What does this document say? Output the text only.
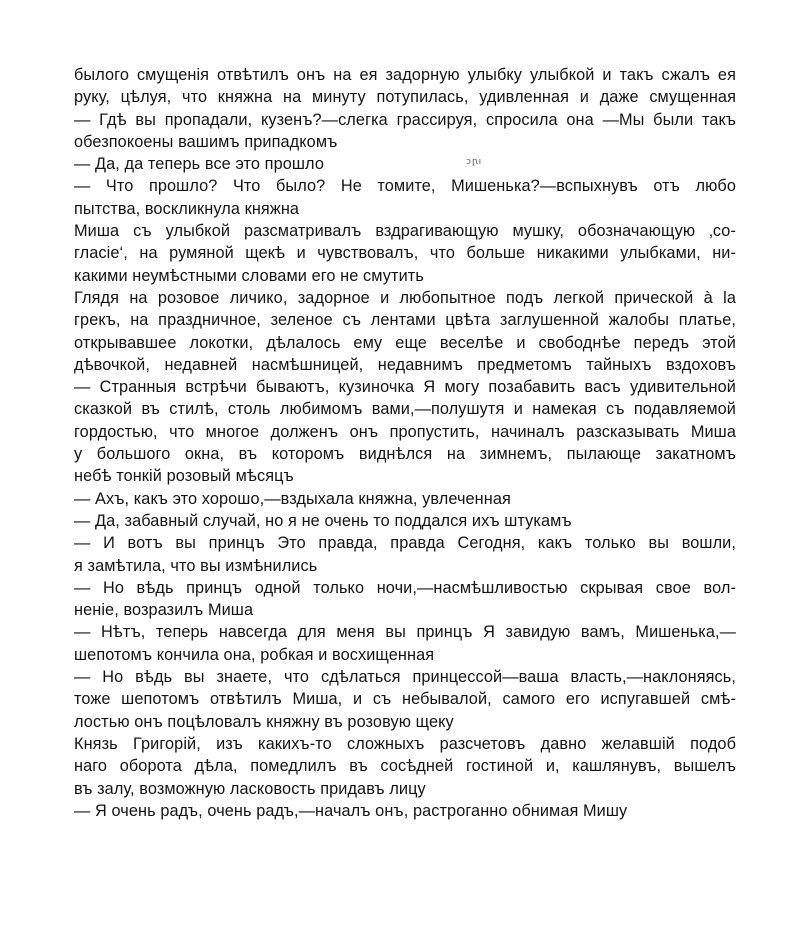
былого смущенія отвѣтилъ онъ на ея задорную улыбку улыбкой и такъ сжалъ ея
руку, цѣлуя, что княжна на минуту потупилась, удивленная и даже смущенная
— Гдѣ вы пропадали, кузенъ?—слегка грассируя, спросила она —Мы были такъ
обезпокоены вашимъ припадкомъ
— Да, да теперь все это прошло
— Что прошло? Что было? Не томите, Мишенька?—вспыхнувъ отъ любо
пытства, воскликнула княжна
Миша съ улыбкой разсматривалъ вздрагивающую мушку, обозначающую ‚со-
гласіе‘, на румяной щекѣ и чувствовалъ, что больше никакими улыбками, ни-
какими неумѣстными словами его не смутить
Глядя на розовое личико, задорное и любопытное подъ легкой прической à la
грекъ, на праздничное, зеленое съ лентами цвѣта заглушенной жалобы платье,
открывавшее локотки, дѣлалось ему еще веселѣе и свободнѣе передъ этой
дѣвочкой, недавней насмѣшницей, недавнимъ предметомъ тайныхъ вздоховъ
— Странныя встрѣчи бываютъ, кузиночка Я могу позабавить васъ удивительной
сказкой въ стилѣ, столь любимомъ вами,—полушутя и намекая съ подавляемой
гордостью, что многое долженъ онъ пропустить, начиналъ разсказывать Миша
у большого окна, въ которомъ виднѣлся на зимнемъ, пылающе закатномъ
небѣ тонкій розовый мѣсяцъ
— Ахъ, какъ это хорошо,—вздыхала княжна, увлеченная
— Да, забавный случай, но я не очень то поддался ихъ штукамъ
— И вотъ вы принцъ Это правда, правда Сегодня, какъ только вы вошли,
я замѣтила, что вы измѣнились
— Но вѣдь принцъ одной только ночи,—насмѣшливостью скрывая свое вол-
неніе, возразилъ Миша
— Нѣтъ, теперь навсегда для меня вы принцъ Я завидую вамъ, Мишенька,—
шепотомъ кончила она, робкая и восхищенная
— Но вѣдь вы знаете, что сдѣлаться принцессой—ваша власть,—наклоняясь,
тоже шепотомъ отвѣтилъ Миша, и съ небывалой, самого его испугавшей смѣ-
лостью онъ поцѣловалъ княжну въ розовую щеку
Князь Григорій, изъ какихъ-то сложныхъ разсчетовъ давно желавшій подоб
наго оборота дѣла, помедлилъ въ сосѣдней гостиной и, кашлянувъ, вышелъ
въ залу, возможную ласковость придавъ лицу
— Я очень радъ, очень радъ,—началъ онъ, растроганно обнимая Мишу
ɔꞃı
